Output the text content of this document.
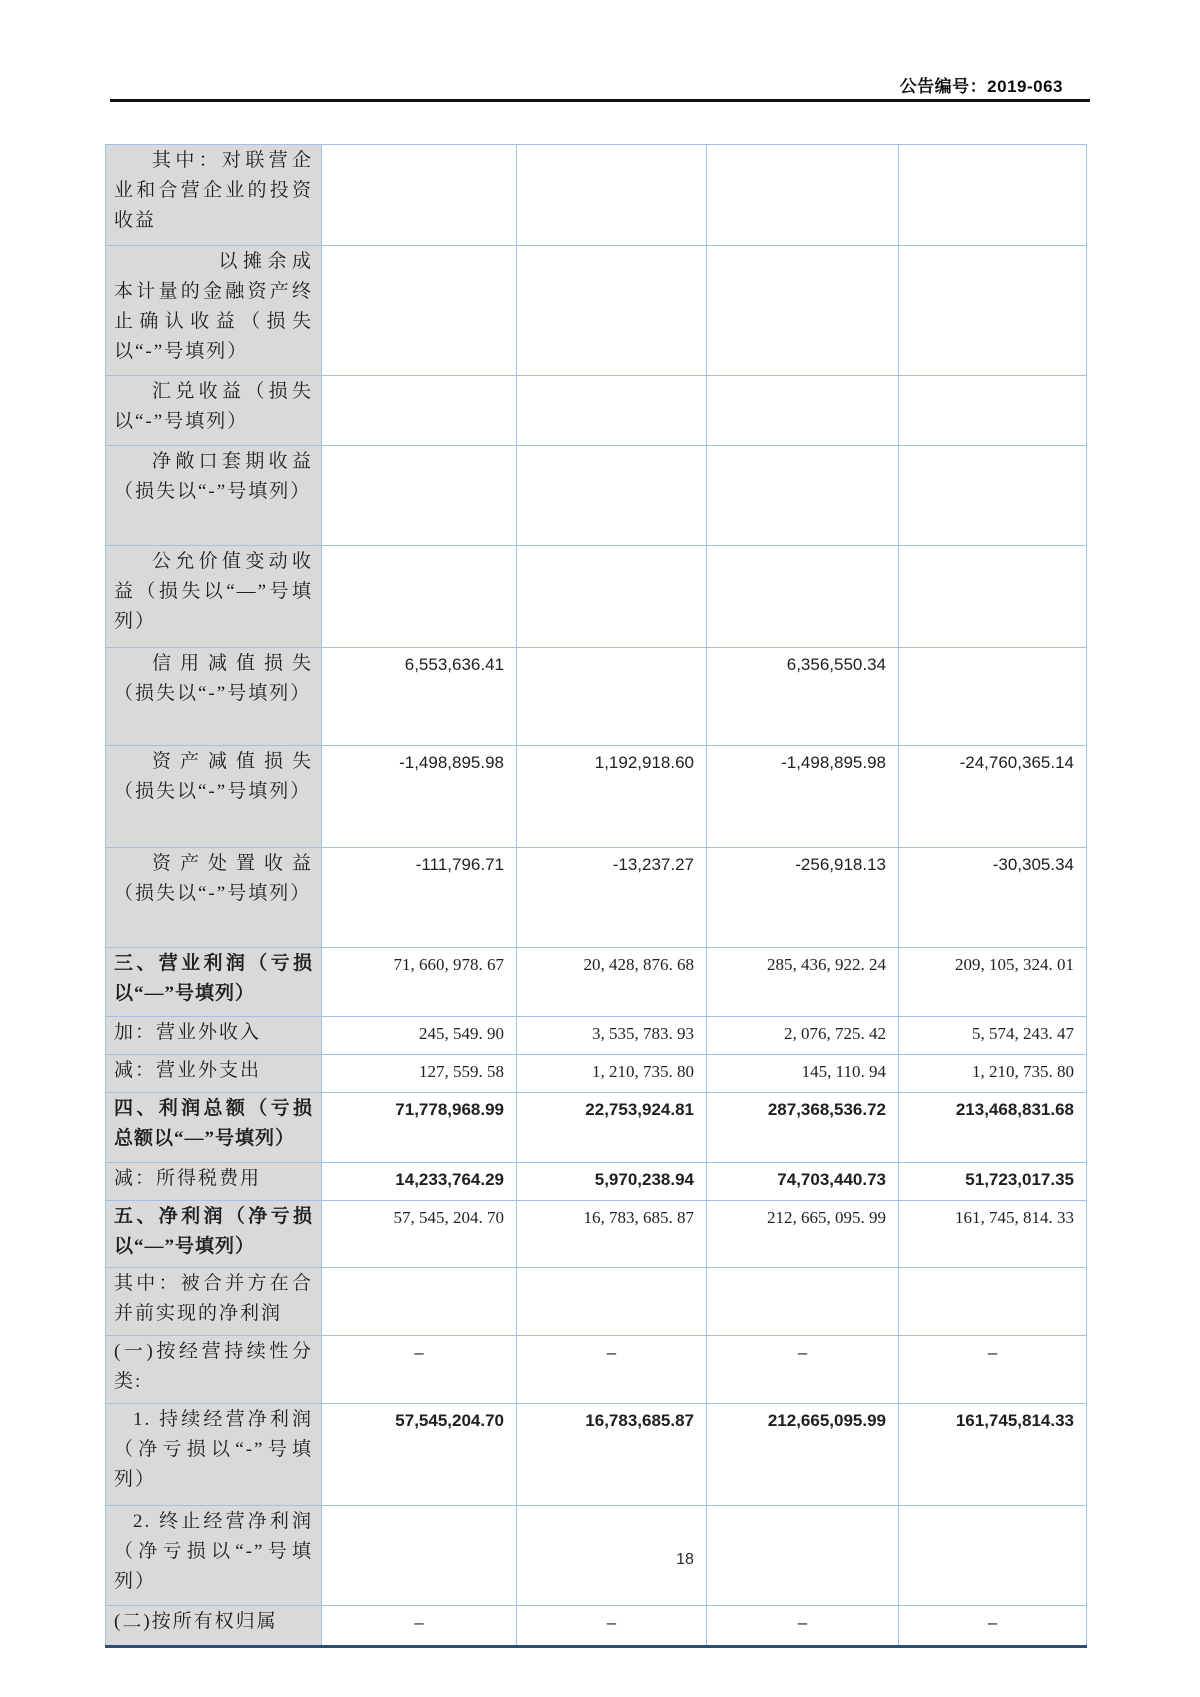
公告编号：2019-063
其中：对联营企业和合营企业的投资收益				
以摊余成本计量的金融资产终止确认收益（损失以“-”号填列）				
汇兑收益（损失以“-”号填列）				
净敞口套期收益（损失以“-”号填列）				
公允价值变动收益（损失以“—”号填列）				
信用减值损失（损失以“-”号填列）	6,553,636.41		6,356,550.34	
资产减值损失（损失以“-”号填列）	-1,498,895.98	1,192,918.60	-1,498,895.98	-24,760,365.14
资产处置收益（损失以“-”号填列）	-111,796.71	-13,237.27	-256,918.13	-30,305.34
三、营业利润（亏损以“—”号填列）	71, 660, 978. 67	20, 428, 876. 68	285, 436, 922. 24	209, 105, 324. 01
加：营业外收入	245, 549. 90	3, 535, 783. 93	2, 076, 725. 42	5, 574, 243. 47
减：营业外支出	127, 559. 58	1, 210, 735. 80	145, 110. 94	1, 210, 735. 80
四、利润总额（亏损总额以“—”号填列）	71,778,968.99	22,753,924.81	287,368,536.72	213,468,831.68
减：所得税费用	14,233,764.29	5,970,238.94	74,703,440.73	51,723,017.35
五、净利润（净亏损以“—”号填列）	57, 545, 204. 70	16, 783, 685. 87	212, 665, 095. 99	161, 745, 814. 33
其中：被合并方在合并前实现的净利润				
(一)按经营持续性分类:	–	–	–	–
1. 持续经营净利润（净亏损以“-”号填列）	57,545,204.70	16,783,685.87	212,665,095.99	161,745,814.33
2. 终止经营净利润（净亏损以“-”号填列）				
(二)按所有权归属	–	–	–	–
18
